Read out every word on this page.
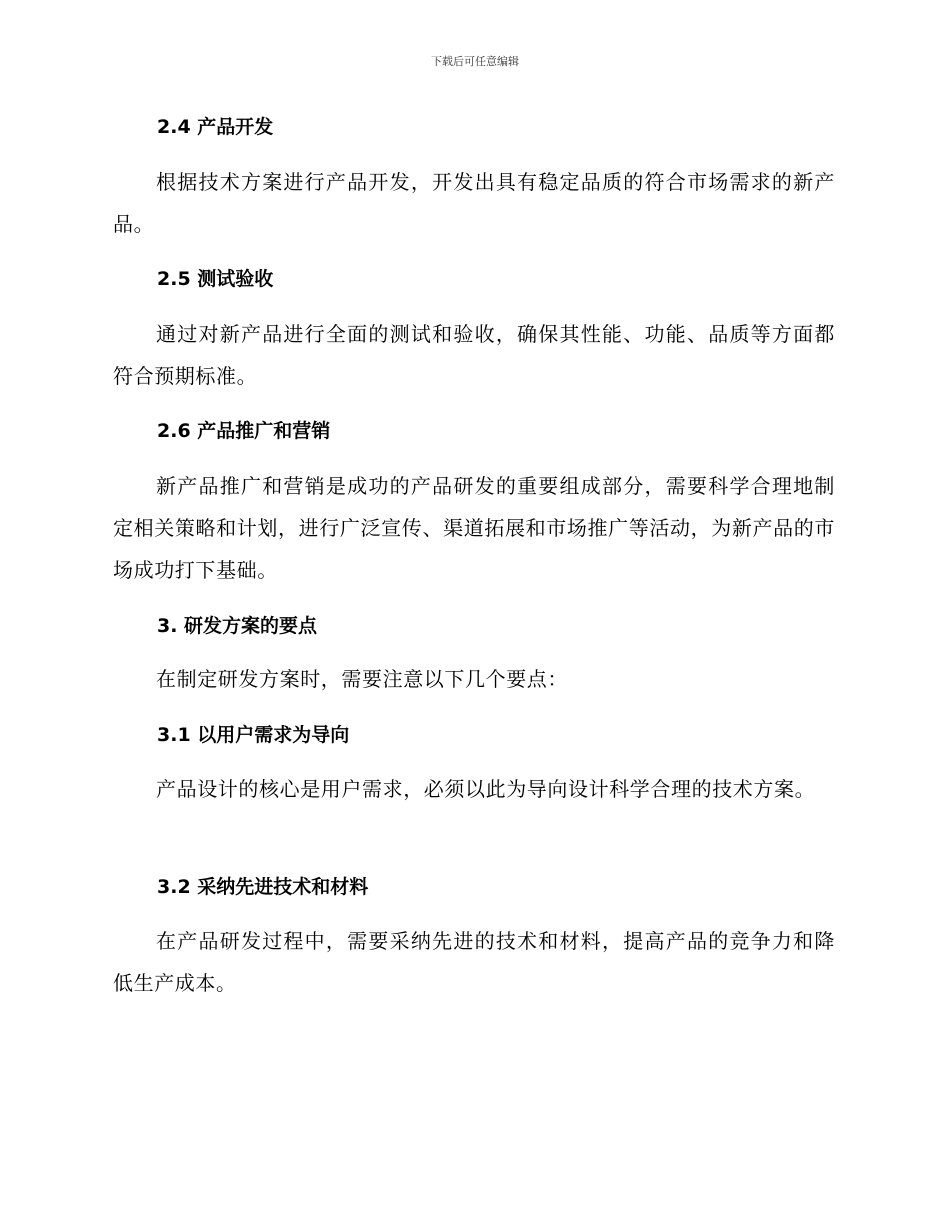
下载后可任意编辑
2.4 产品开发

根据技术方案进行产品开发，开发出具有稳定品质的符合市场需求的新产品。

2.5 测试验收

通过对新产品进行全面的测试和验收，确保其性能、功能、品质等方面都符合预期标准。

2.6 产品推广和营销

新产品推广和营销是成功的产品研发的重要组成部分，需要科学合理地制定相关策略和计划，进行广泛宣传、渠道拓展和市场推广等活动，为新产品的市场成功打下基础。

3. 研发方案的要点

在制定研发方案时，需要注意以下几个要点：

3.1 以用户需求为导向

产品设计的核心是用户需求，必须以此为导向设计科学合理的技术方案。

3.2 采纳先进技术和材料

在产品研发过程中，需要采纳先进的技术和材料，提高产品的竞争力和降低生产成本。
